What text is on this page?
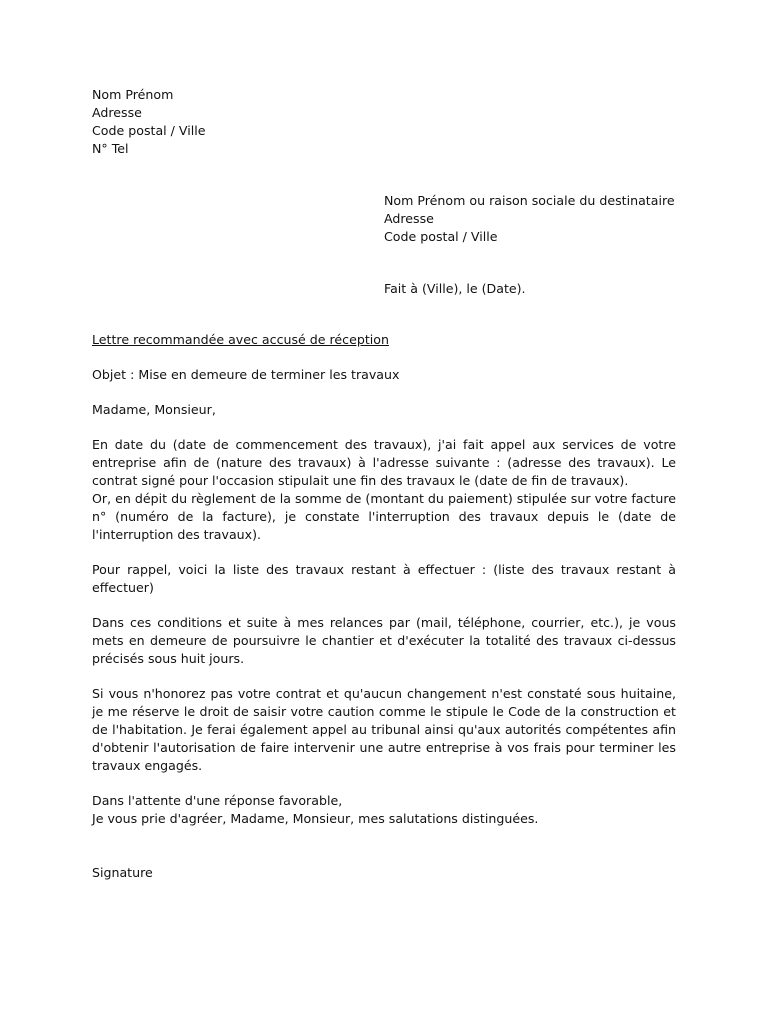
Nom Prénom
Adresse
Code postal / Ville
N° Tel
Nom Prénom ou raison sociale du destinataire
Adresse
Code postal / Ville
Fait à (Ville), le (Date).

Lettre recommandée avec accusé de réception

Objet : Mise en demeure de terminer les travaux

Madame, Monsieur,

En date du (date de commencement des travaux), j'ai fait appel aux services de votre entreprise afin de (nature des travaux) à l'adresse suivante : (adresse des travaux). Le contrat signé pour l'occasion stipulait une fin des travaux le (date de fin de travaux).

Or, en dépit du règlement de la somme de (montant du paiement) stipulée sur votre facture n° (numéro de la facture), je constate l'interruption des travaux depuis le (date de l'interruption des travaux).

Pour rappel, voici la liste des travaux restant à effectuer : (liste des travaux restant à effectuer)

Dans ces conditions et suite à mes relances par (mail, téléphone, courrier, etc.), je vous mets en demeure de poursuivre le chantier et d'exécuter la totalité des travaux ci-dessus précisés sous huit jours.

Si vous n'honorez pas votre contrat et qu'aucun changement n'est constaté sous huitaine, je me réserve le droit de saisir votre caution comme le stipule le Code de la construction et de l'habitation. Je ferai également appel au tribunal ainsi qu'aux autorités compétentes afin d'obtenir l'autorisation de faire intervenir une autre entreprise à vos frais pour terminer les travaux engagés.

Dans l'attente d'une réponse favorable,
Je vous prie d'agréer, Madame, Monsieur, mes salutations distinguées.

Signature
